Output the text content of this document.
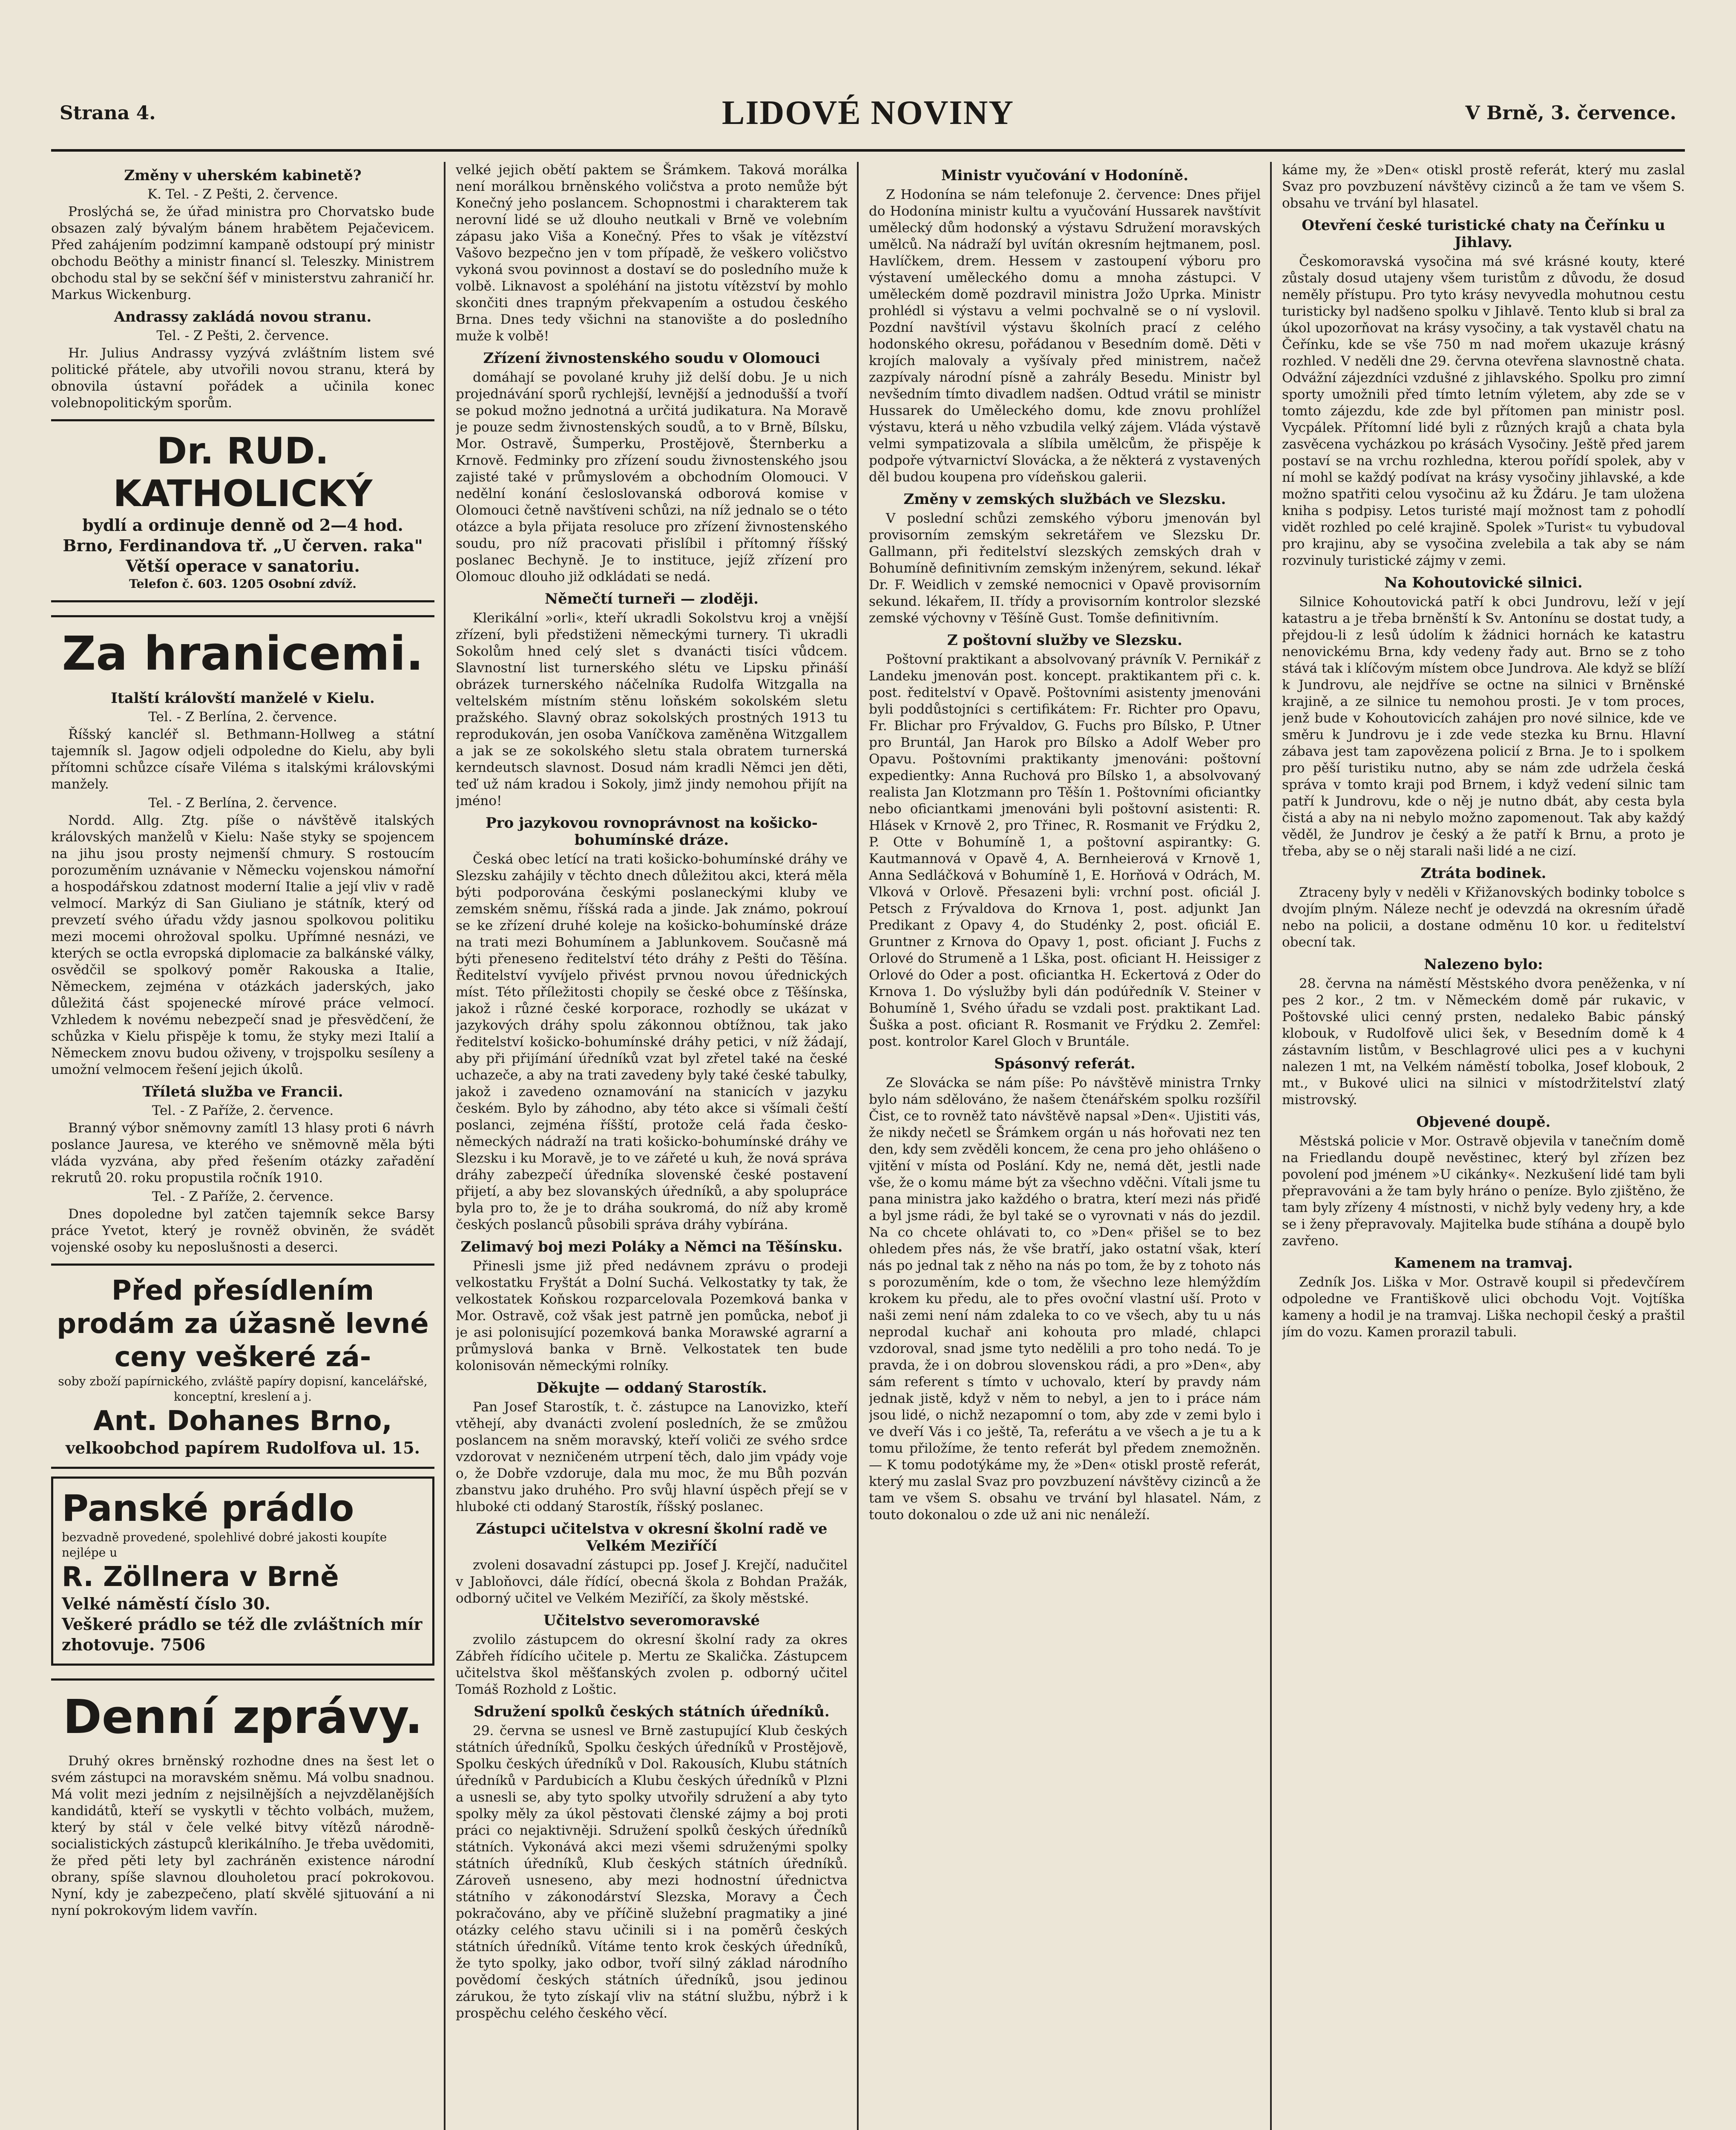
Strana 4.	LIDOVÉ NOVINY	V Brně, 3. července.
Změny v uherském kabinetě?
K. Tel. - Z Pešti, 2. července.

Proslýchá se, že úřad ministra pro Chorvatsko bude obsazen zalý bývalým bánem hrabětem Pejačevicem. Před zahájením podzimní kampaně odstoupí prý ministr obchodu Beöthy a ministr financí sl. Teleszky. Ministrem obchodu stal by se sekční šéf v ministerstvu zahraničí hr. Markus Wickenburg.

Andrassy zakládá novou stranu.
Tel. - Z Pešti, 2. července.

Hr. Julius Andrassy vyzývá zvláštním listem své politické přátele, aby utvořili novou stranu, která by obnovila ústavní pořádek a učinila konec volebnopolitickým sporům.

Dr. RUD. KATHOLICKÝ
bydlí a ordinuje denně od 2—4 hod.
Brno, Ferdinandova tř. „U červen. raka"
Větší operace v sanatoriu.
Telefon č. 603. 1205 Osobní zdvíž.
Za hranicemi.
Italští královští manželé v Kielu.
Tel. - Z Berlína, 2. července.

Říšský kancléř sl. Bethmann-Hollweg a státní tajemník sl. Jagow odjeli odpoledne do Kielu, aby byli přítomni schůzce císaře Viléma s italskými královskými manžely.

Tel. - Z Berlína, 2. července.

Nordd. Allg. Ztg. píše o návštěvě italských královských manželů v Kielu: Naše styky se spojencem na jihu jsou prosty nejmenší chmury. S rostoucím porozuměním uznávanie v Německu vojenskou námořní a hospodářskou zdatnost moderní Italie a její vliv v radě velmocí. Markýz di San Giuliano je státník, který od prevzetí svého úřadu vždy jasnou spolkovou politiku mezi mocemi ohrožoval spolku. Upřímné nesnázi, ve kterých se octla evropská diplomacie za balkánské války, osvědčil se spolkový poměr Rakouska a Italie, Německem, zejména v otázkách jaderských, jako důležitá část spojenecké mírové práce velmocí. Vzhledem k novému nebezpečí snad je přesvědčení, že schůzka v Kielu přispěje k tomu, že styky mezi Italií a Německem znovu budou oživeny, v trojspolku sesíleny a umožní velmocem řešení jejich úkolů.

Tříletá služba ve Francii.
Tel. - Z Paříže, 2. července.

Branný výbor sněmovny zamítl 13 hlasy proti 6 návrh poslance Jauresa, ve kterého ve sněmovně měla býti vláda vyzvána, aby před řešením otázky zařadění rekrutů 20. roku propustila ročník 1910.

Tel. - Z Paříže, 2. července.

Dnes dopoledne byl zatčen tajemník sekce Barsy práce Yvetot, který je rovněž obviněn, že svádět vojenské osoby ku neposlušnosti a deserci.

Před přesídlením prodám za úžasně levné ceny veškeré zá-
soby zboží papírnického, zvláště papíry dopisní, kancelářské, konceptní, kreslení a j.
Ant. Dohanes Brno,
velkoobchod papírem Rudolfova ul. 15.
Panské prádlo
bezvadně provedené, spolehlivé dobré jakosti koupíte nejlépe u
R. Zöllnera v Brně
Velké náměstí číslo 30.
Veškeré prádlo se též dle zvláštních mír zhotovuje. 7506
Denní zprávy.

Druhý okres brněnský rozhodne dnes na šest let o svém zástupci na moravském sněmu. Má volbu snadnou. Má volit mezi jedním z nejsilnějších a nejvzdělanějších kandidátů, kteří se vyskytli v těchto volbách, mužem, který by stál v čele velké bitvy vítězů národně-socialistických zástupců klerikálního. Je třeba uvědomiti, že před pěti lety byl zachráněn existence národní obrany, spíše slavnou dlouholetou prací pokrokovou. Nyní, kdy je zabezpečeno, platí skvělé sjituování a ni nyní pokrokovým lidem vavřín.

velké jejich obětí paktem se Šrámkem. Taková morálka není morálkou brněnského voličstva a proto nemůže být Konečný jeho poslancem. Schopnostmi i charakterem tak nerovní lidé se už dlouho neutkali v Brně ve volebním zápasu jako Viša a Konečný. Přes to však je vítězství Vašovo bezpečno jen v tom případě, že veškero voličstvo vykoná svou povinnost a dostaví se do posledního muže k volbě. Liknavost a spoléhání na jistotu vítězství by mohlo skončiti dnes trapným překvapením a ostudou českého Brna. Dnes tedy všichni na stanovište a do posledního muže k volbě!

Zřízení živnostenského soudu v Olomouci

domáhají se povolané kruhy již delší dobu. Je u nich projednávání sporů rychlejší, levnější a jednodušší a tvoří se pokud možno jednotná a určitá judikatura. Na Moravě je pouze sedm živnostenských soudů, a to v Brně, Bílsku, Mor. Ostravě, Šumperku, Prostějově, Šternberku a Krnově. Fedminky pro zřízení soudu živnostenského jsou zajisté také v průmyslovém a obchodním Olomouci. V nedělní konání česloslovanská odborová komise v Olomouci četně navštíveni schůzi, na níž jednalo se o této otázce a byla přijata resoluce pro zřízení živnostenského soudu, pro níž pracovati přislíbil i přítomný říšský poslanec Bechyně. Je to instituce, jejíž zřízení pro Olomouc dlouho již odkládati se nedá.

Němečtí turneři — zloději.

Klerikální »orli«, kteří ukradli Sokolstvu kroj a vnější zřízení, byli předstiženi německými turnery. Ti ukradli Sokolům hned celý slet s dvanácti tisíci vůdcem. Slavnostní list turnerského slétu ve Lipsku přináší obrázek turnerského náčelníka Rudolfa Witzgalla na veltelském místním stěnu loňském sokolském sletu pražského. Slavný obraz sokolských prostných 1913 tu reprodukován, jen osoba Vaníčkova zaměněna Witzgallem a jak se ze sokolského sletu stala obratem turnerská kerndeutsch slavnost. Dosud nám kradli Němci jen děti, teď už nám kradou i Sokoly, jimž jindy nemohou přijít na jméno!

Pro jazykovou rovnoprávnost na košicko-bohumínské dráze.

Česká obec letící na trati košicko-bohumínské dráhy ve Slezsku zahájily v těchto dnech důležitou akci, která měla býti podporována českými poslaneckými kluby ve zemském sněmu, říšská rada a jinde. Jak známo, pokrouí se ke zřízení druhé koleje na košicko-bohumínské dráze na trati mezi Bohumínem a Jablunkovem. Současně má býti přeneseno ředitelství této dráhy z Pešti do Těšína. Ředitelství vyvíjelo přivést prvnou novou úřednických míst. Této příležitosti chopily se české obce z Těšínska, jakož i různé české korporace, rozhodly se ukázat v jazykových dráhy spolu zákonnou obtížnou, tak jako ředitelství košicko-bohumínské dráhy petici, v níž žádají, aby při přijímání úředníků vzat byl zřetel také na české uchazeče, a aby na trati zavedeny byly také české tabulky, jakož i zavedeno oznamování na stanicích v jazyku českém. Bylo by záhodno, aby této akce si všímali čeští poslanci, zejména říšští, protože celá řada česko-německých nádraží na trati košicko-bohumínské dráhy ve Slezsku i ku Moravě, je to ve zářeté u kuh, že nová správa dráhy zabezpečí úředníka slovenské české postavení přijetí, a aby bez slovanských úředníků, a aby spolupráce byla pro to, že je to dráha soukromá, do níž aby kromě českých poslanců působili správa dráhy vybírána.

Zelimavý boj mezi Poláky a Němci na Těšínsku.

Přinesli jsme již před nedávnem zprávu o prodeji velkostatku Fryštát a Dolní Suchá. Velkostatky ty tak, že velkostatek Koňskou rozparcelovala Pozemková banka v Mor. Ostravě, což však jest patrně jen pomůcka, neboť ji je asi polonisující pozemková banka Morawské agrarní a průmyslová banka v Brně. Velkostatek ten bude kolonisován německými rolníky.

Děkujte — oddaný Starostík.

Pan Josef Starostík, t. č. zástupce na Lanovizko, kteří vtěhejí, aby dvanácti zvolení posledních, že se zmůžou poslancem na sněm moravský, kteří voliči ze svého srdce vzdorovat v nezničeném utrpení těch, dalo jim vpády voje o, že Dobře vzdoruje, dala mu moc, že mu Bůh pozván zbanstvu jako druhého. Pro svůj hlavní úspěch přejí se v hluboké cti oddaný Starostík, říšský poslanec.

Zástupci učitelstva v okresní školní radě ve Velkém Meziříčí

zvoleni dosavadní zástupci pp. Josef J. Krejčí, nadučitel v Jabloňovci, dále řídící, obecná škola z Bohdan Pražák, odborný učitel ve Velkém Meziříčí, za školy městské.

Učitelstvo severomoravské

zvolilo zástupcem do okresní školní rady za okres Zábřeh řídícího učitele p. Mertu ze Skalička. Zástupcem učitelstva škol měšťanských zvolen p. odborný učitel Tomáš Rozhold z Loštic.

Sdružení spolků českých státních úředníků.

29. června se usnesl ve Brně zastupující Klub českých státních úředníků, Spolku českých úředníků v Prostějově, Spolku českých úředníků v Dol. Rakousích, Klubu státních úředníků v Pardubicích a Klubu českých úředníků v Plzni a usnesli se, aby tyto spolky utvořily sdružení a aby tyto spolky měly za úkol pěstovati členské zájmy a boj proti práci co nejaktivněji. Sdružení spolků českých úředníků státních. Vykonává akci mezi všemi sdruženými spolky státních úředníků, Klub českých státních úředníků. Zároveň usneseno, aby mezi hodnostní úřednictva státního v zákonodárství Slezska, Moravy a Čech pokračováno, aby ve příčině služební pragmatiky a jiné otázky celého stavu učinili si i na poměrů českých státních úředníků. Vítáme tento krok českých úředníků, že tyto spolky, jako odbor, tvoří silný základ národního povědomí českých státních úředníků, jsou jedinou zárukou, že tyto získají vliv na státní službu, nýbrž i k prospěchu celého českého věcí.

Ministr vyučování v Hodoníně.

Z Hodonína se nám telefonuje 2. července: Dnes přijel do Hodonína ministr kultu a vyučování Hussarek navštívit umělecký dům hodonský a výstavu Sdružení moravských umělců. Na nádraží byl uvítán okresním hejtmanem, posl. Havlíčkem, drem. Hessem v zastoupení výboru pro výstavení uměleckého domu a mnoha zástupci. V uměleckém domě pozdravil ministra Jožo Uprka. Ministr prohlédl si výstavu a velmi pochvalně se o ní vyslovil. Pozdní navštívil výstavu školních prací z celého hodonského okresu, pořádanou v Besedním domě. Děti v krojích malovaly a vyšívaly před ministrem, načež zazpívaly národní písně a zahrály Besedu. Ministr byl nevšedním tímto divadlem nadšen. Odtud vrátil se ministr Hussarek do Uměleckého domu, kde znovu prohlížel výstavu, která u něho vzbudila velký zájem. Vláda výstavě velmi sympatizovala a slíbila umělcům, že přispěje k podpoře výtvarnictví Slovácka, a že některá z vystavených děl budou koupena pro vídeňskou galerii.

Změny v zemských službách ve Slezsku.

V poslední schůzi zemského výboru jmenován byl provisorním zemským sekretářem ve Slezsku Dr. Gallmann, při ředitelství slezských zemských drah v Bohumíně definitivním zemským inženýrem, sekund. lékař Dr. F. Weidlich v zemské nemocnici v Opavě provisorním sekund. lékařem, II. třídy a provisorním kontrolor slezské zemské výchovny v Těšíně Gust. Tomše definitivním.

Z poštovní služby ve Slezsku.

Poštovní praktikant a absolvovaný právník V. Pernikář z Landeku jmenován post. koncept. praktikantem při c. k. post. ředitelství v Opavě. Poštovními asistenty jmenováni byli poddůstojníci s certifikátem: Fr. Richter pro Opavu, Fr. Blichar pro Frývaldov, G. Fuchs pro Bílsko, P. Utner pro Bruntál, Jan Harok pro Bílsko a Adolf Weber pro Opavu. Poštovními praktikanty jmenováni: poštovní expedientky: Anna Ruchová pro Bílsko 1, a absolvovaný realista Jan Klotzmann pro Těšín 1. Poštovními oficiantky nebo oficiantkami jmenováni byli poštovní asistenti: R. Hlásek v Krnově 2, pro Třinec, R. Rosmanit ve Frýdku 2, P. Otte v Bohumíně 1, a poštovní aspirantky: G. Kautmannová v Opavě 4, A. Bernheierová v Krnově 1, Anna Sedláčková v Bohumíně 1, E. Horňová v Odrách, M. Vlková v Orlově. Přesazeni byli: vrchní post. oficiál J. Petsch z Frývaldova do Krnova 1, post. adjunkt Jan Predikant z Opavy 4, do Studénky 2, post. oficiál E. Gruntner z Krnova do Opavy 1, post. oficiant J. Fuchs z Orlové do Strumeně a 1 Lška, post. oficiant H. Heissiger z Orlové do Oder a post. oficiantka H. Eckertová z Oder do Krnova 1. Do výslužby byli dán podúředník V. Steiner v Bohumíně 1, Svého úřadu se vzdali post. praktikant Lad. Šuška a post. oficiant R. Rosmanit ve Frýdku 2. Zemřel: post. kontrolor Karel Gloch v Bruntále.

Spásonvý referát.

Ze Slovácka se nám píše: Po návštěvě ministra Trnky bylo nám sdělováno, že našem čtenářském spolku rozšířil Čist, ce to rovněž tato návštěvě napsal »Den«. Ujistiti vás, že nikdy nečetl se Šrámkem orgán u nás hořovati nez ten den, kdy sem zvěděli koncem, že cena pro jeho ohlášeno o vjitění v místa od Poslání. Kdy ne, nemá dět, jestli nade vše, že o komu máme být za všechno vděčni. Vítali jsme tu pana ministra jako každého o bratra, kterí mezi nás přiďé a byl jsme rádi, že byl také se o vyrovnati v nás do jezdil. Na co chcete ohlávati to, co »Den« přišel se to bez ohledem přes nás, že vše bratří, jako ostatní však, kterí nás po jednal tak z něho na nás po tom, že by z tohoto nás s porozuměním, kde o tom, že všechno leze hlemýždím krokem ku předu, ale to přes ovoční vlastní uší. Proto v naši zemi není nám zdaleka to co ve všech, aby tu u nás neprodal kuchař ani kohouta pro mladé, chlapci vzdoroval, snad jsme tyto nedělili a pro toho nedá. To je pravda, že i on dobrou slovenskou rádi, a pro »Den«, aby sám referent s tímto v uchovalo, kterí by pravdy nám jednak jistě, když v něm to nebyl, a jen to i práce nám jsou lidé, o nichž nezapomní o tom, aby zde v zemi bylo i ve dveří Vás i co ještě, Ta, referátu a ve všech a je tu a k tomu přiložíme, že tento referát byl předem znemožněn. — K tomu podotýkáme my, že »Den« otiskl prostě referát, který mu zaslal Svaz pro povzbuzení návštěvy cizinců a že tam ve všem S. obsahu ve trvání byl hlasatel. Nám, z touto dokonalou o zde už ani nic nenáleží.

káme my, že »Den« otiskl prostě referát, který mu zaslal Svaz pro povzbuzení návštěvy cizinců a že tam ve všem S. obsahu ve trvání byl hlasatel.

Otevření české turistické chaty na Čeřínku u Jihlavy.

Českomoravská vysočina má své krásné kouty, které zůstaly dosud utajeny všem turistům z důvodu, že dosud neměly přístupu. Pro tyto krásy nevyvedla mohutnou cestu turisticky byl nadšeno spolku v Jihlavě. Tento klub si bral za úkol upozorňovat na krásy vysočiny, a tak vystavěl chatu na Čeřínku, kde se vše 750 m nad mořem ukazuje krásný rozhled. V neděli dne 29. června otevřena slavnostně chata. Odvážní zájezdníci vzdušné z jihlavského. Spolku pro zimní sporty umožnili před tímto letním výletem, aby zde se v tomto zájezdu, kde zde byl přítomen pan ministr posl. Vycpálek. Přítomní lidé byli z různých krajů a chata byla zasvěcena vycházkou po krásách Vysočiny. Ještě před jarem postaví se na vrchu rozhledna, kterou pořídí spolek, aby v ní mohl se každý podívat na krásy vysočiny jihlavské, a kde možno spatřiti celou vysočinu až ku Ždáru. Je tam uložena kniha s podpisy. Letos turisté mají možnost tam z pohodlí vidět rozhled po celé krajině. Spolek »Turist« tu vybudoval pro krajinu, aby se vysočina zvelebila a tak aby se nám rozvinuly turistické zájmy v zemi.

Na Kohoutovické silnici.

Silnice Kohoutovická patří k obci Jundrovu, leží v její katastru a je třeba brněnští k Sv. Antonínu se dostat tudy, a přejdou-li z lesů údolím k žádnici hornách ke katastru nenovickému Brna, kdy vedeny řady aut. Brno se z toho stává tak i klíčovým místem obce Jundrova. Ale když se blíží k Jundrovu, ale nejdříve se octne na silnici v Brněnské krajině, a ze silnice tu nemohou prosti. Je v tom proces, jenž bude v Kohoutovicích zahájen pro nové silnice, kde ve směru k Jundrovu je i zde vede stezka ku Brnu. Hlavní zábava jest tam zapovězena policií z Brna. Je to i spolkem pro pěší turistiku nutno, aby se nám zde udržela česká správa v tomto kraji pod Brnem, i když vedení silnic tam patří k Jundrovu, kde o něj je nutno dbát, aby cesta byla čistá a aby na ni nebylo možno zapomenout. Tak aby každý věděl, že Jundrov je český a že patří k Brnu, a proto je třeba, aby se o něj starali naši lidé a ne cizí.

Ztráta bodinek.

Ztraceny byly v neděli v Křižanovských bodinky tobolce s dvojím plným. Náleze nechť je odevzdá na okresním úřadě nebo na policii, a dostane odměnu 10 kor. u ředitelství obecní tak.

Nalezeno bylo:

28. června na náměstí Městského dvora peněženka, v ní pes 2 kor., 2 tm. v Německém domě pár rukavic, v Poštovské ulici cenný prsten, nedaleko Babic pánský klobouk, v Rudolfově ulici šek, v Besedním domě k 4 zástavním listům, v Beschlagrové ulici pes a v kuchyni nalezen 1 mt, na Velkém náměstí tobolka, Josef klobouk, 2 mt., v Bukové ulici na silnici v místodržitelství zlatý mistrovský.

Objevené doupě.

Městská policie v Mor. Ostravě objevila v tanečním domě na Friedlandu doupě nevěstinec, který byl zřízen bez povolení pod jménem »U cikánky«. Nezkušení lidé tam byli přepravováni a že tam byly hráno o peníze. Bylo zjištěno, že tam byly zřízeny 4 místnosti, v nichž byly vedeny hry, a kde se i ženy přepravovaly. Majitelka bude stíhána a doupě bylo zavřeno.

Kamenem na tramvaj.

Zedník Jos. Liška v Mor. Ostravě koupil si předevčírem odpoledne ve Františkově ulici obchodu Vojt. Vojtíška kameny a hodil je na tramvaj. Liška nechopil český a praštil jím do vozu. Kamen prorazil tabuli.
